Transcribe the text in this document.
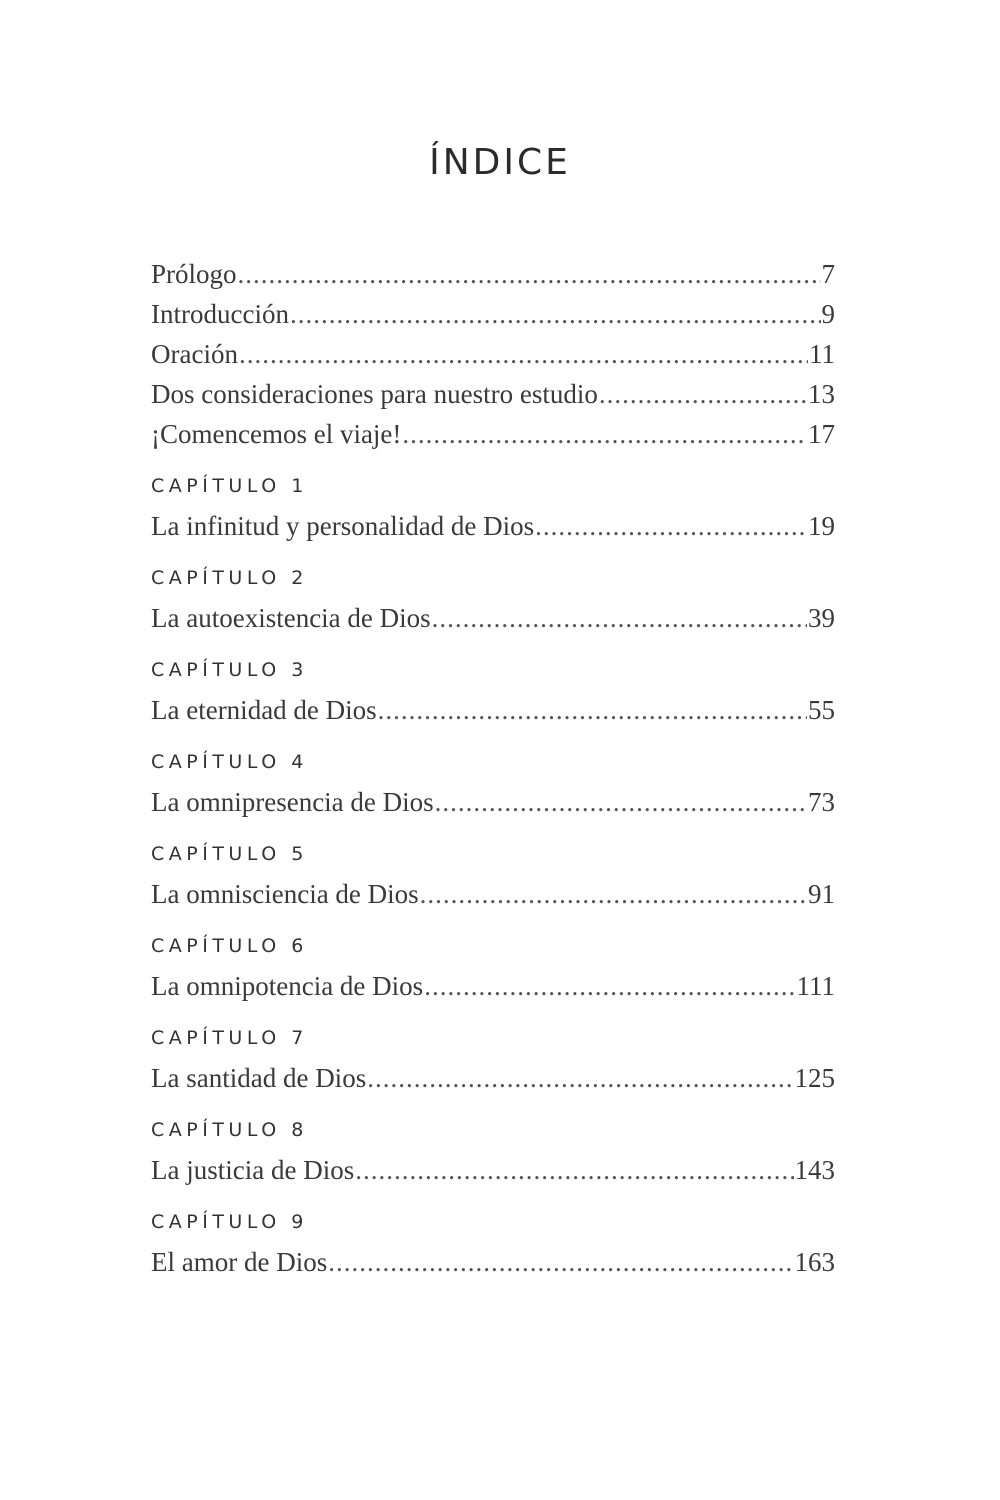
ÍNDICE
Prólogo .....	7
Introducción .....	9
Oración .....	11
Dos consideraciones para nuestro estudio .....	13
¡Comencemos el viaje! .....	17
CAPÍTULO 1
La infinitud y personalidad de Dios .....	19
CAPÍTULO 2
La autoexistencia de Dios .....	39
CAPÍTULO 3
La eternidad de Dios .....	55
CAPÍTULO 4
La omnipresencia de Dios .....	73
CAPÍTULO 5
La omnisciencia de Dios .....	91
CAPÍTULO 6
La omnipotencia de Dios .....	111
CAPÍTULO 7
La santidad de Dios .....	125
CAPÍTULO 8
La justicia de Dios .....	143
CAPÍTULO 9
El amor de Dios .....	163
